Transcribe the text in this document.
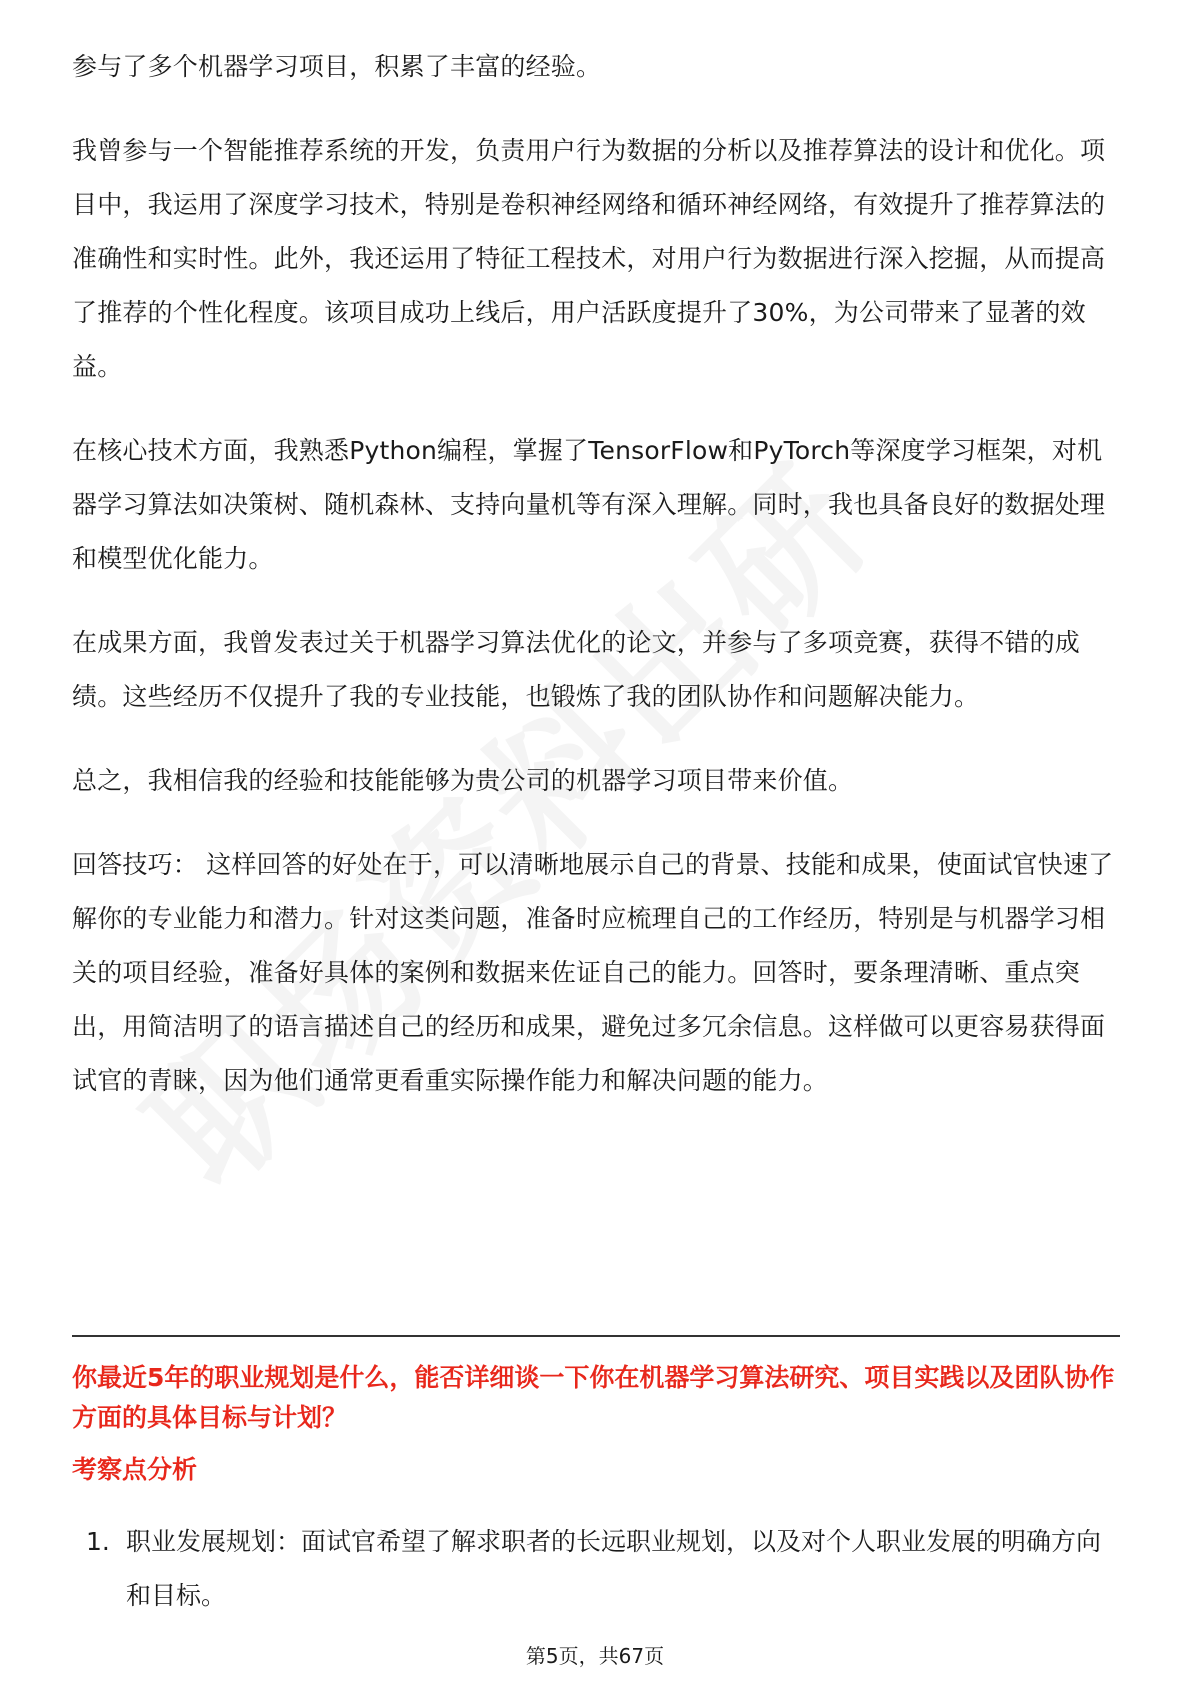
参与了多个机器学习项目，积累了丰富的经验。

我曾参与一个智能推荐系统的开发，负责用户行为数据的分析以及推荐算法的设计和优化。项目中，我运用了深度学习技术，特别是卷积神经网络和循环神经网络，有效提升了推荐算法的准确性和实时性。此外，我还运用了特征工程技术，对用户行为数据进行深入挖掘，从而提高了推荐的个性化程度。该项目成功上线后，用户活跃度提升了30%，为公司带来了显著的效益。

在核心技术方面，我熟悉Python编程，掌握了TensorFlow和PyTorch等深度学习框架，对机器学习算法如决策树、随机森林、支持向量机等有深入理解。同时，我也具备良好的数据处理和模型优化能力。

在成果方面，我曾发表过关于机器学习算法优化的论文，并参与了多项竞赛，获得不错的成绩。这些经历不仅提升了我的专业技能，也锻炼了我的团队协作和问题解决能力。

总之，我相信我的经验和技能能够为贵公司的机器学习项目带来价值。

回答技巧： 这样回答的好处在于，可以清晰地展示自己的背景、技能和成果，使面试官快速了解你的专业能力和潜力。针对这类问题，准备时应梳理自己的工作经历，特别是与机器学习相关的项目经验，准备好具体的案例和数据来佐证自己的能力。回答时，要条理清晰、重点突出，用简洁明了的语言描述自己的经历和成果，避免过多冗余信息。这样做可以更容易获得面试官的青睐，因为他们通常更看重实际操作能力和解决问题的能力。

你最近5年的职业规划是什么，能否详细谈一下你在机器学习算法研究、项目实践以及团队协作方面的具体目标与计划？

考察点分析

1. 职业发展规划：面试官希望了解求职者的长远职业规划，以及对个人职业发展的明确方向和目标。
第5页，共67页
